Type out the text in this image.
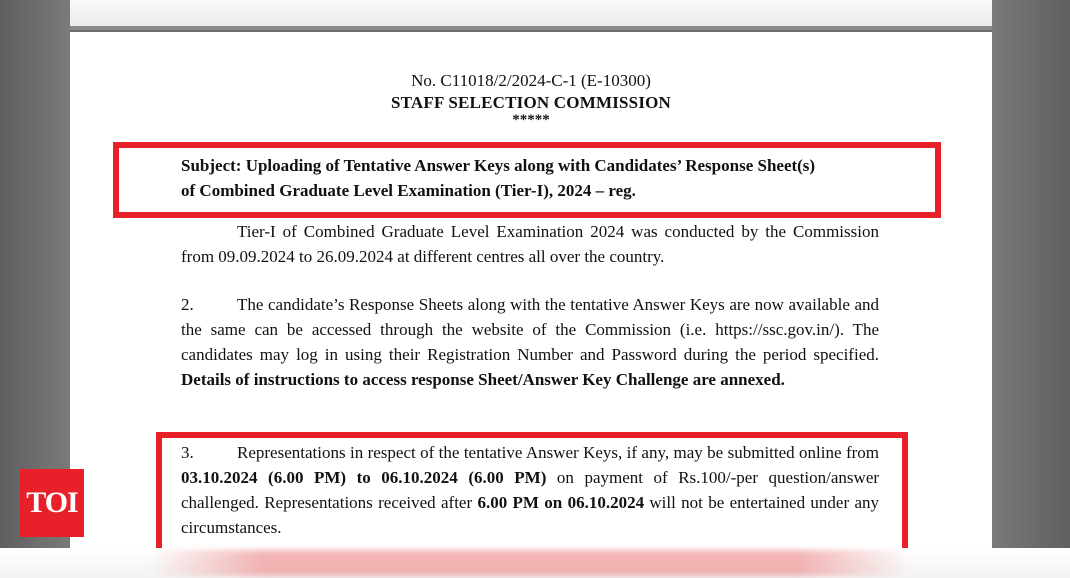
No. C11018/2/2024-C-1 (E-10300)
STAFF SELECTION COMMISSION
*****
Subject: Uploading of Tentative Answer Keys along with Candidates’ Response Sheet(s)
of Combined Graduate Level Examination (Tier-I), 2024 – reg.
Tier-I of Combined Graduate Level Examination 2024 was conducted by the Commission from 09.09.2024 to 26.09.2024 at different centres all over the country.
2.	The candidate’s Response Sheets along with the tentative Answer Keys are now available and the same can be accessed through the website of the Commission (i.e. https://ssc.gov.in/). The candidates may log in using their Registration Number and Password during the period specified. Details of instructions to access response Sheet/Answer Key Challenge are annexed.
3.	Representations in respect of the tentative Answer Keys, if any, may be submitted online from 03.10.2024 (6.00 PM) to 06.10.2024 (6.00 PM) on payment of Rs.100/-per question/answer challenged. Representations received after 6.00 PM on 06.10.2024 will not be entertained under any circumstances.
TOI
